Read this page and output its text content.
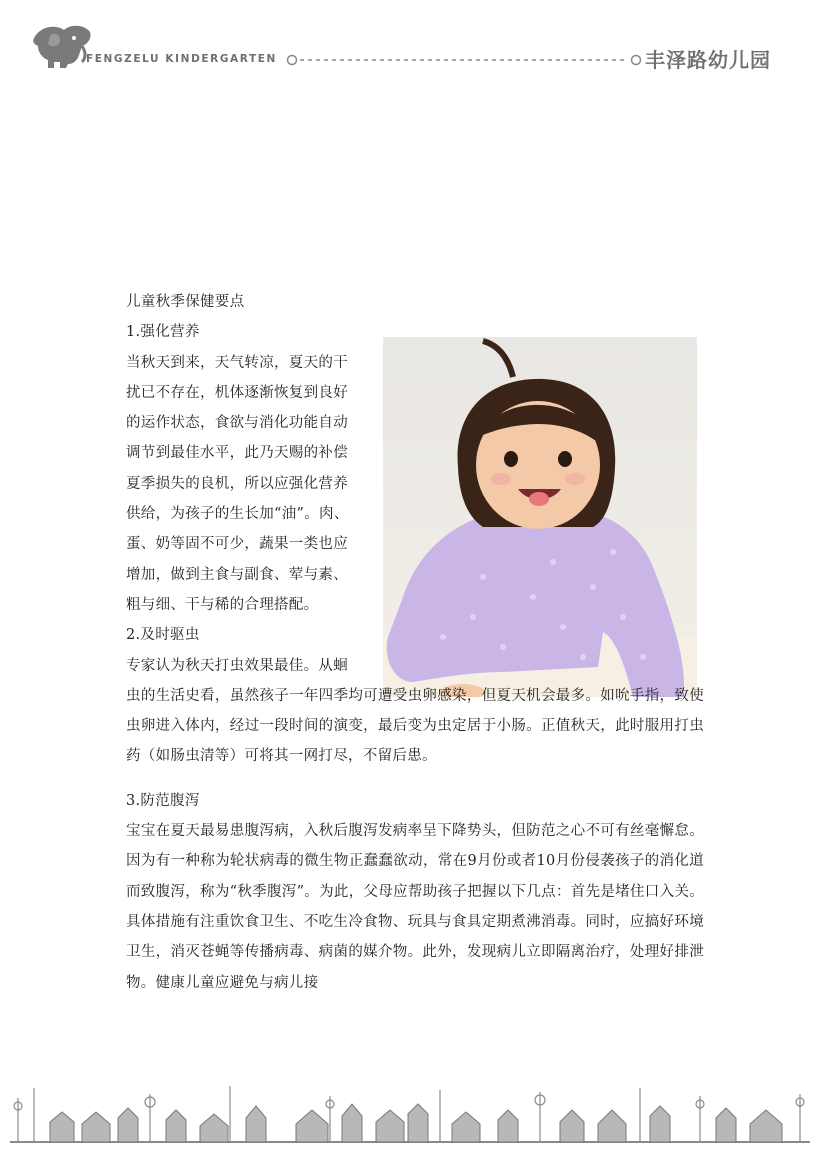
FENGZELU KINDERGARTEN	丰泽路幼儿园
儿童秋季保健要点
1.强化营养
当秋天到来，天气转凉，夏天的干
扰已不存在，机体逐渐恢复到良好
的运作状态，食欲与消化功能自动
调节到最佳水平，此乃天赐的补偿
夏季损失的良机，所以应强化营养
供给，为孩子的生长加“油”。肉、
蛋、奶等固不可少，蔬果一类也应
增加，做到主食与副食、荤与素、
粗与细、干与稀的合理搭配。
2.及时驱虫
专家认为秋天打虫效果最佳。从蛔
虫的生活史看，虽然孩子一年四季均可遭受虫卵感染，但夏天机会最多。如吮手指，致使虫卵进入体内，经过一段时间的演变，最后变为虫定居于小肠。正值秋天，此时服用打虫药（如肠虫清等）可将其一网打尽，不留后患。
3.防范腹泻
宝宝在夏天最易患腹泻病，入秋后腹泻发病率呈下降势头，但防范之心不可有丝毫懈怠。因为有一种称为轮状病毒的微生物正蠢蠢欲动，常在9月份或者10月份侵袭孩子的消化道而致腹泻，称为“秋季腹泻”。为此，父母应帮助孩子把握以下几点：首先是堵住口入关。具体措施有注重饮食卫生、不吃生冷食物、玩具与食具定期煮沸消毒。同时，应搞好环境卫生，消灭苍蝇等传播病毒、病菌的媒介物。此外，发现病儿立即隔离治疗，处理好排泄物。健康儿童应避免与病儿接
